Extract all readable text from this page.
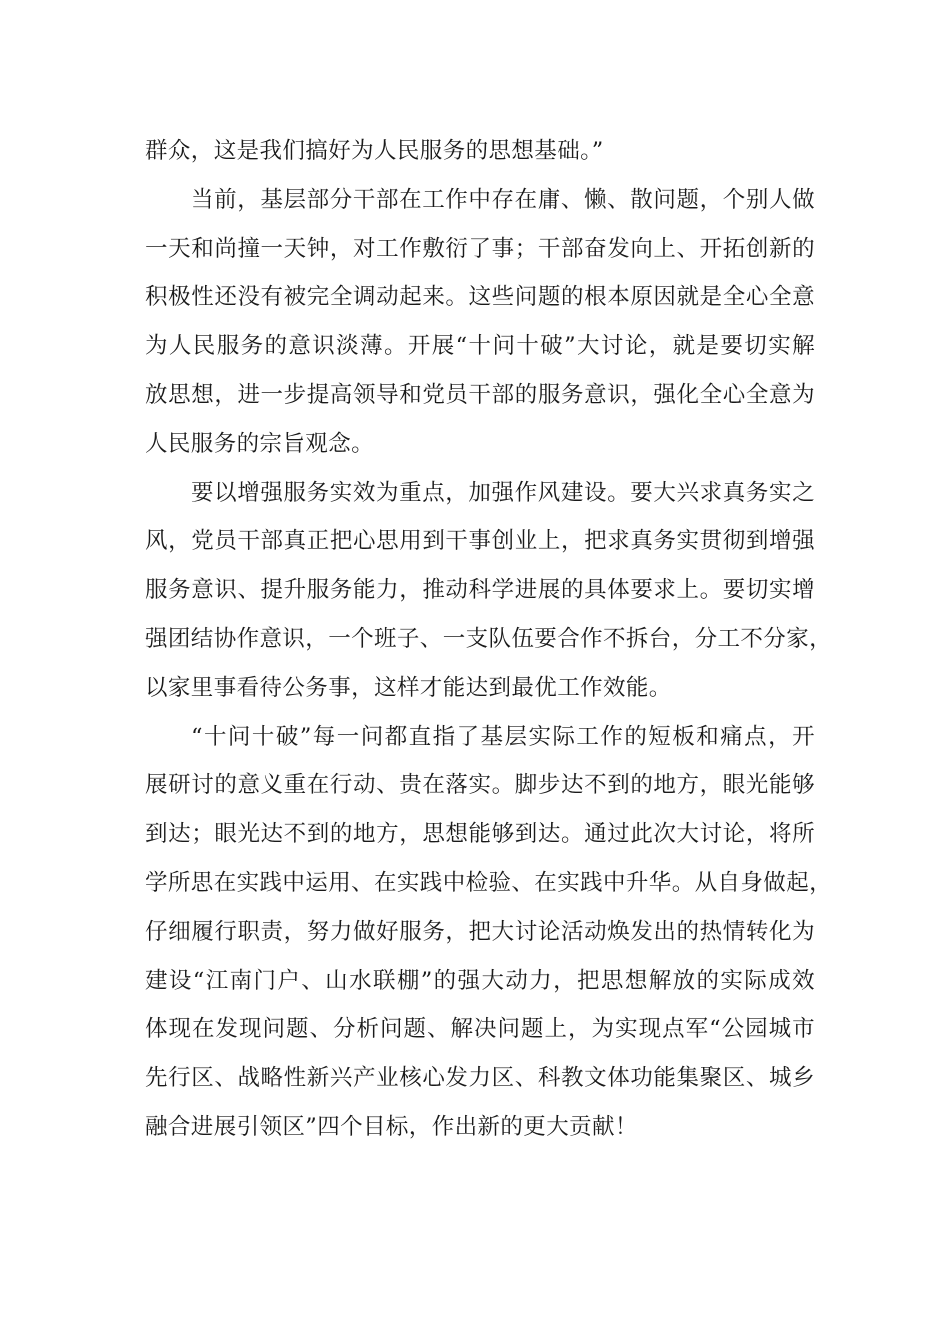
群众，这是我们搞好为人民服务的思想基础。”
当前，基层部分干部在工作中存在庸、懒、散问题，个别人做
一天和尚撞一天钟，对工作敷衍了事；干部奋发向上、开拓创新的
积极性还没有被完全调动起来。这些问题的根本原因就是全心全意
为人民服务的意识淡薄。开展“十问十破”大讨论，就是要切实解
放思想，进一步提高领导和党员干部的服务意识，强化全心全意为
人民服务的宗旨观念。
要以增强服务实效为重点，加强作风建设。要大兴求真务实之
风，党员干部真正把心思用到干事创业上，把求真务实贯彻到增强
服务意识、提升服务能力，推动科学进展的具体要求上。要切实增
强团结协作意识，一个班子、一支队伍要合作不拆台，分工不分家，
以家里事看待公务事，这样才能达到最优工作效能。
“十问十破”每一问都直指了基层实际工作的短板和痛点，开
展研讨的意义重在行动、贵在落实。脚步达不到的地方，眼光能够
到达；眼光达不到的地方，思想能够到达。通过此次大讨论，将所
学所思在实践中运用、在实践中检验、在实践中升华。从自身做起，
仔细履行职责，努力做好服务，把大讨论活动焕发出的热情转化为
建设“江南门户、山水联棚”的强大动力，把思想解放的实际成效
体现在发现问题、分析问题、解决问题上，为实现点军“公园城市
先行区、战略性新兴产业核心发力区、科教文体功能集聚区、城乡
融合进展引领区”四个目标，作出新的更大贡献！
